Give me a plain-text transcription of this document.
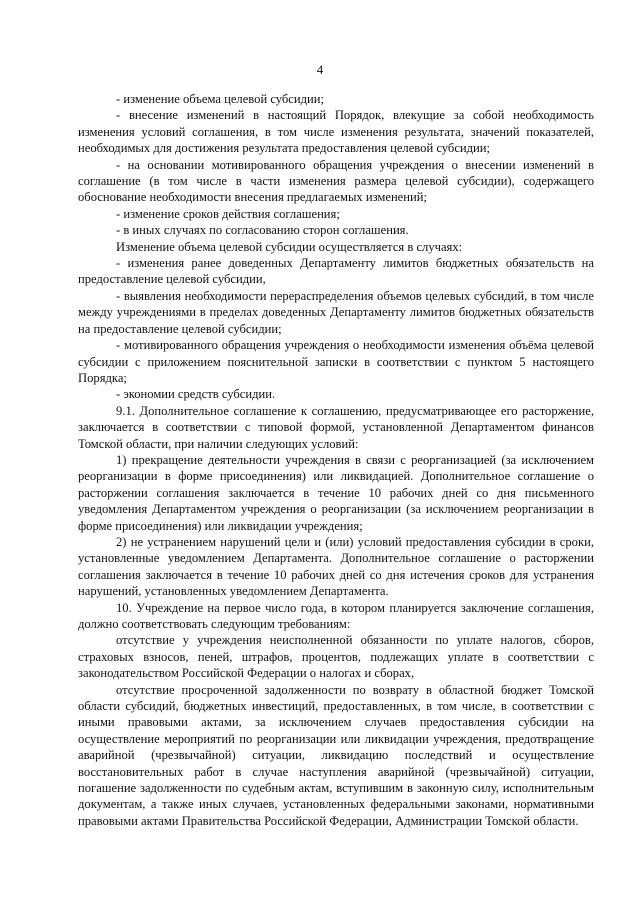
4

- изменение объема целевой субсидии;

- внесение изменений в настоящий Порядок, влекущие за собой необходимость изменения условий соглашения, в том числе изменения результата, значений показателей, необходимых для достижения результата предоставления целевой субсидии;

- на основании мотивированного обращения учреждения о внесении изменений в соглашение (в том числе в части изменения размера целевой субсидии), содержащего обоснование необходимости внесения предлагаемых изменений;

- изменение сроков действия соглашения;

- в иных случаях по согласованию сторон соглашения.

Изменение объема целевой субсидии осуществляется в случаях:

- изменения ранее доведенных Департаменту лимитов бюджетных обязательств на предоставление целевой субсидии,

- выявления необходимости перераспределения объемов целевых субсидий, в том числе между учреждениями в пределах доведенных Департаменту лимитов бюджетных обязательств на предоставление целевой субсидии;

- мотивированного обращения учреждения о необходимости изменения объёма целевой субсидии с приложением пояснительной записки в соответствии с пунктом 5 настоящего Порядка;

- экономии средств субсидии.

9.1. Дополнительное соглашение к соглашению, предусматривающее его расторжение, заключается в соответствии с типовой формой, установленной Департаментом финансов Томской области, при наличии следующих условий:

1) прекращение деятельности учреждения в связи с реорганизацией (за исключением реорганизации в форме присоединения) или ликвидацией. Дополнительное соглашение о расторжении соглашения заключается в течение 10 рабочих дней со дня письменного уведомления Департаментом учреждения о реорганизации (за исключением реорганизации в форме присоединения) или ликвидации учреждения;

2) не устранением нарушений цели и (или) условий предоставления субсидии в сроки, установленные уведомлением Департамента. Дополнительное соглашение о расторжении соглашения заключается в течение 10 рабочих дней со дня истечения сроков для устранения нарушений, установленных уведомлением Департамента.

10. Учреждение на первое число года, в котором планируется заключение соглашения, должно соответствовать следующим требованиям:

отсутствие у учреждения неисполненной обязанности по уплате налогов, сборов, страховых взносов, пеней, штрафов, процентов, подлежащих уплате в соответствии с законодательством Российской Федерации о налогах и сборах,

отсутствие просроченной задолженности по возврату в областной бюджет Томской области субсидий, бюджетных инвестиций, предоставленных, в том числе, в соответствии с иными правовыми актами, за исключением случаев предоставления субсидии на осуществление мероприятий по реорганизации или ликвидации учреждения, предотвращение аварийной (чрезвычайной) ситуации, ликвидацию последствий и осуществление восстановительных работ в случае наступления аварийной (чрезвычайной) ситуации, погашение задолженности по судебным актам, вступившим в законную силу, исполнительным документам, а также иных случаев, установленных федеральными законами, нормативными правовыми актами Правительства Российской Федерации, Администрации Томской области.
